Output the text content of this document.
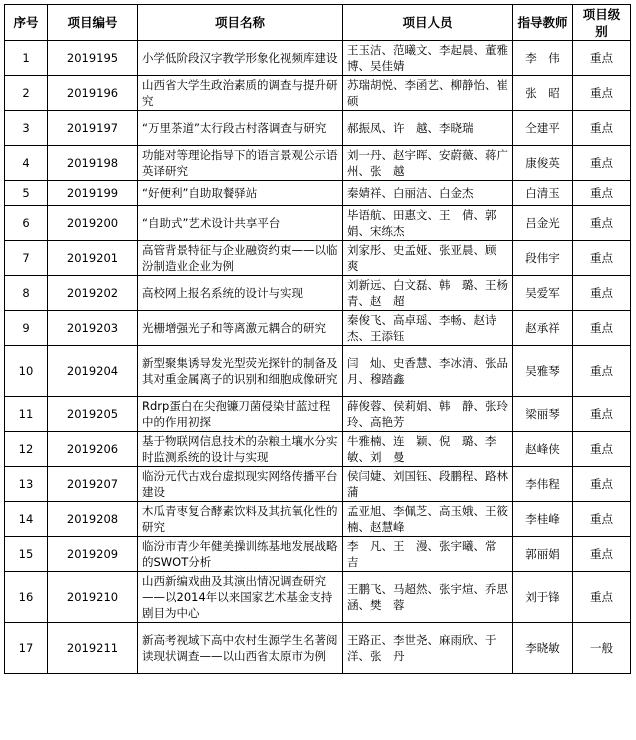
序号	项目编号	项目名称	项目人员	指导教师	项目级别
1	2019195	小学低阶段汉字教学形象化视频库建设	王玉洁、范曦文、李起晨、董雅博、吴佳婧	李　伟	重点
2	2019196	山西省大学生政治素质的调查与提升研究	苏瑞胡悦、李函艺、柳静怡、崔　硕	张　昭	重点
3	2019197	“万里茶道”太行段古村落调查与研究	郝振凤、许　越、李晓瑞	仝建平	重点
4	2019198	功能对等理论指导下的语言景观公示语英译研究	刘一丹、赵宇晖、安蔚薇、蒋广州、张　越	康俊英	重点
5	2019199	“好便利”自助取餐驿站	秦婧祥、白丽洁、白金杰	白清玉	重点
6	2019200	“自助式”艺术设计共享平台	毕语航、田惠文、王　倩、郭　娟、宋练杰	吕金光	重点
7	2019201	高管背景特征与企业融资约束——以临汾制造业企业为例	刘家彤、史孟娅、张亚晨、顾　爽	段伟宇	重点
8	2019202	高校网上报名系统的设计与实现	刘新远、白文磊、韩　璐、王杨青、赵　超	吴爱军	重点
9	2019203	光栅增强光子和等离激元耦合的研究	秦俊飞、高卓瑶、李畅、赵诗杰、王添钰	赵承祥	重点
10	2019204	新型聚集诱导发光型荧光探针的制备及其对重金属离子的识别和细胞成像研究	闫　灿、史香慧、李冰清、张品月、穆踏鑫	吴雅琴	重点
11	2019205	Rdrp蛋白在尖孢镰刀菌侵染甘蓝过程中的作用初探	薛俊蓉、侯莉娟、韩　静、张玲玲、高艳芳	梁丽琴	重点
12	2019206	基于物联网信息技术的杂粮土壤水分实时监测系统的设计与实现	牛雅楠、连　颖、倪　璐、李　敏、刘　曼	赵峰侠	重点
13	2019207	临汾元代古戏台虚拟现实网络传播平台建设	侯闫婕、刘国钰、段鹏程、路林蒲	李伟程	重点
14	2019208	木瓜青枣复合酵素饮料及其抗氧化性的研究	孟亚旭、李佩芝、高玉娥、王筱楠、赵慧峰	李桂峰	重点
15	2019209	临汾市青少年健美操训练基地发展战略的SWOT分析	李　凡、王　漫、张宇曦、常　吉	郭丽娟	重点
16	2019210	山西新编戏曲及其演出情况调查研究——以2014年以来国家艺术基金支持剧目为中心	王鹏飞、马超然、张宇煊、乔思涵、樊　蓉	刘于锋	重点
17	2019211	新高考视域下高中农村生源学生名著阅读现状调查——以山西省太原市为例	王路正、李世尧、麻雨欣、于　洋、张　丹	李晓敏	一般
